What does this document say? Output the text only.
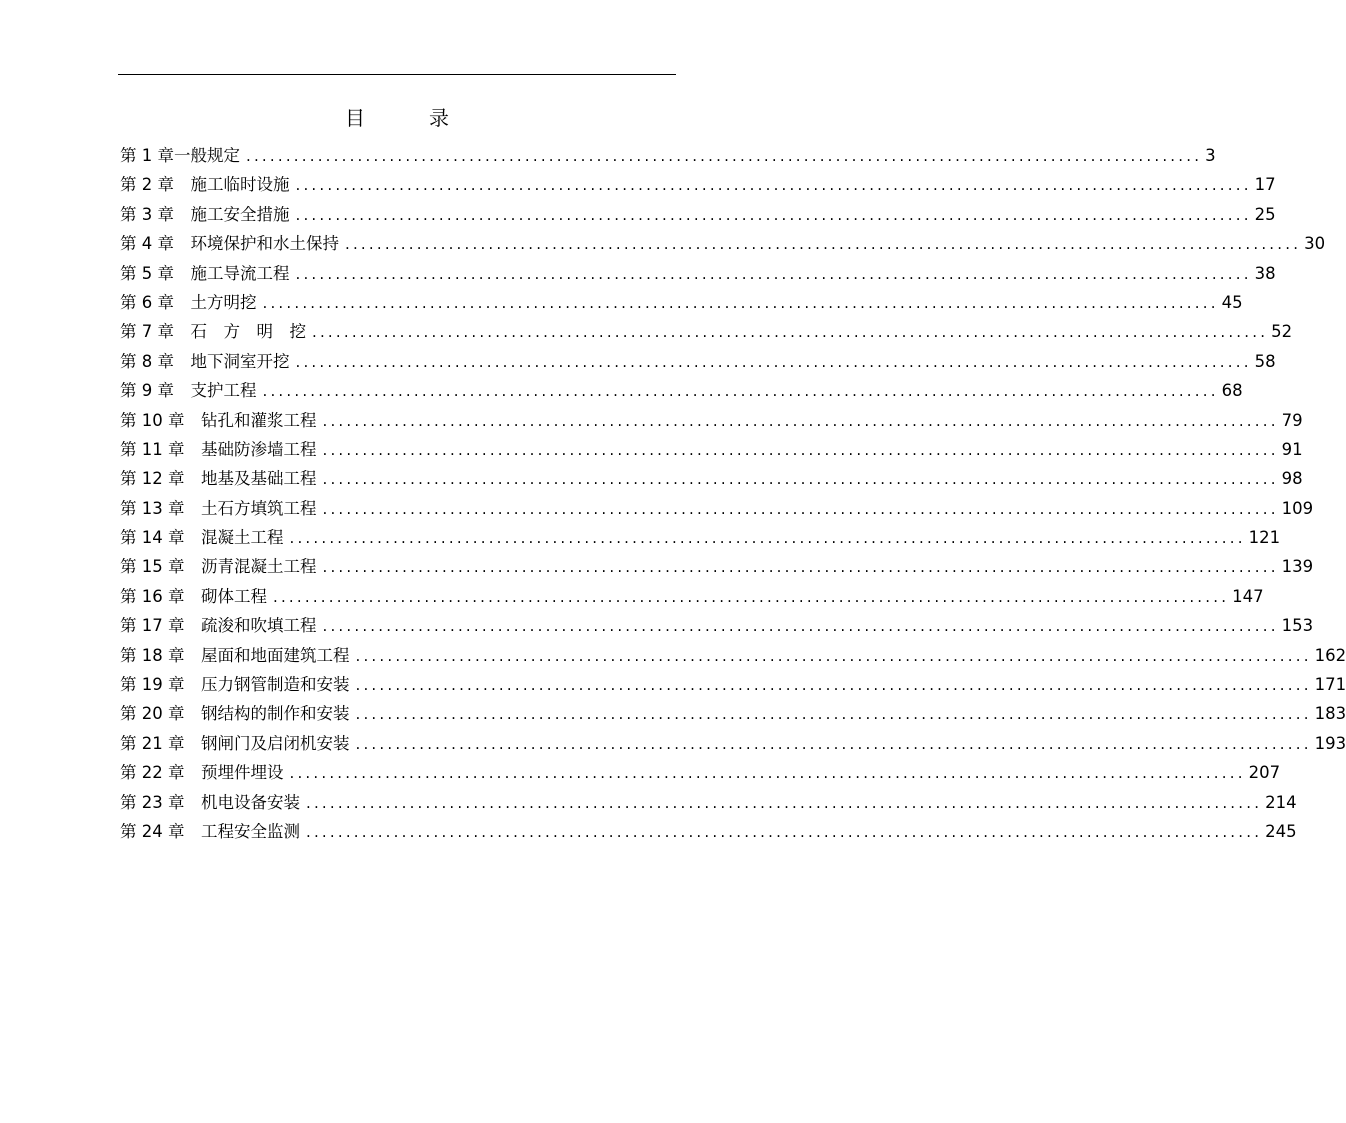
目　录
第 1 章 一般规定 ........................................................................................................................ 3
第 2 章
　 施工临时设施 ........................................................................................................................ 17
第 3 章
　 施工安全措施 ........................................................................................................................ 25
第 4 章
　 环境保护和水土保持 ........................................................................................................................ 30
第 5 章
　 施工导流工程 ........................................................................................................................ 38
第 6 章
　 土方明挖 ........................................................................................................................ 45
第 7 章
　 石　方　明　挖 ........................................................................................................................ 52
第 8 章
　 地下洞室开挖 ........................................................................................................................ 58
第 9 章
　 支护工程 ........................................................................................................................ 68
第 10 章
　 钻孔和灌浆工程 ........................................................................................................................ 79
第 11 章
　 基础防渗墙工程 ........................................................................................................................ 91
第 12 章
　 地基及基础工程 ........................................................................................................................ 98
第 13 章
　 土石方填筑工程 ........................................................................................................................ 109
第 14 章
　 混凝土工程 ........................................................................................................................ 121
第 15 章
　 沥青混凝土工程 ........................................................................................................................ 139
第 16 章
　 砌体工程 ........................................................................................................................ 147
第 17 章
　 疏浚和吹填工程 ........................................................................................................................ 153
第 18 章
　 屋面和地面建筑工程 ........................................................................................................................ 162
第 19 章
　 压力钢管制造和安装 ........................................................................................................................ 171
第 20 章
　 钢结构的制作和安装 ........................................................................................................................ 183
第 21 章
　 钢闸门及启闭机安装 ........................................................................................................................ 193
第 22 章
　 预埋件埋设 ........................................................................................................................ 207
第 23 章
　 机电设备安装 ........................................................................................................................ 214
第 24 章
　 工程安全监测 ........................................................................................................................ 245
